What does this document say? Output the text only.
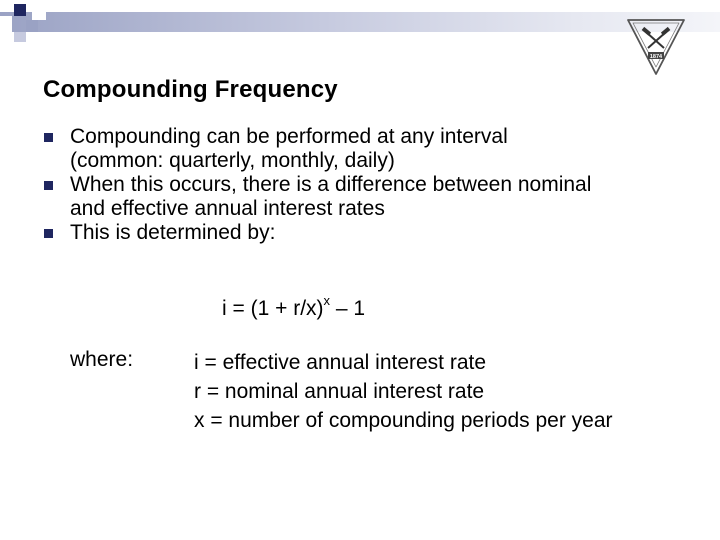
1874
Compounding Frequency
Compounding can be performed at any interval
(common: quarterly, monthly, daily)
When this occurs, there is a difference between nominal
and effective annual interest rates
This is determined by:
$i = (1 + r/x)^x - 1$
where:	i = effective annual interest rate
r = nominal annual interest rate
x = number of compounding periods per year
